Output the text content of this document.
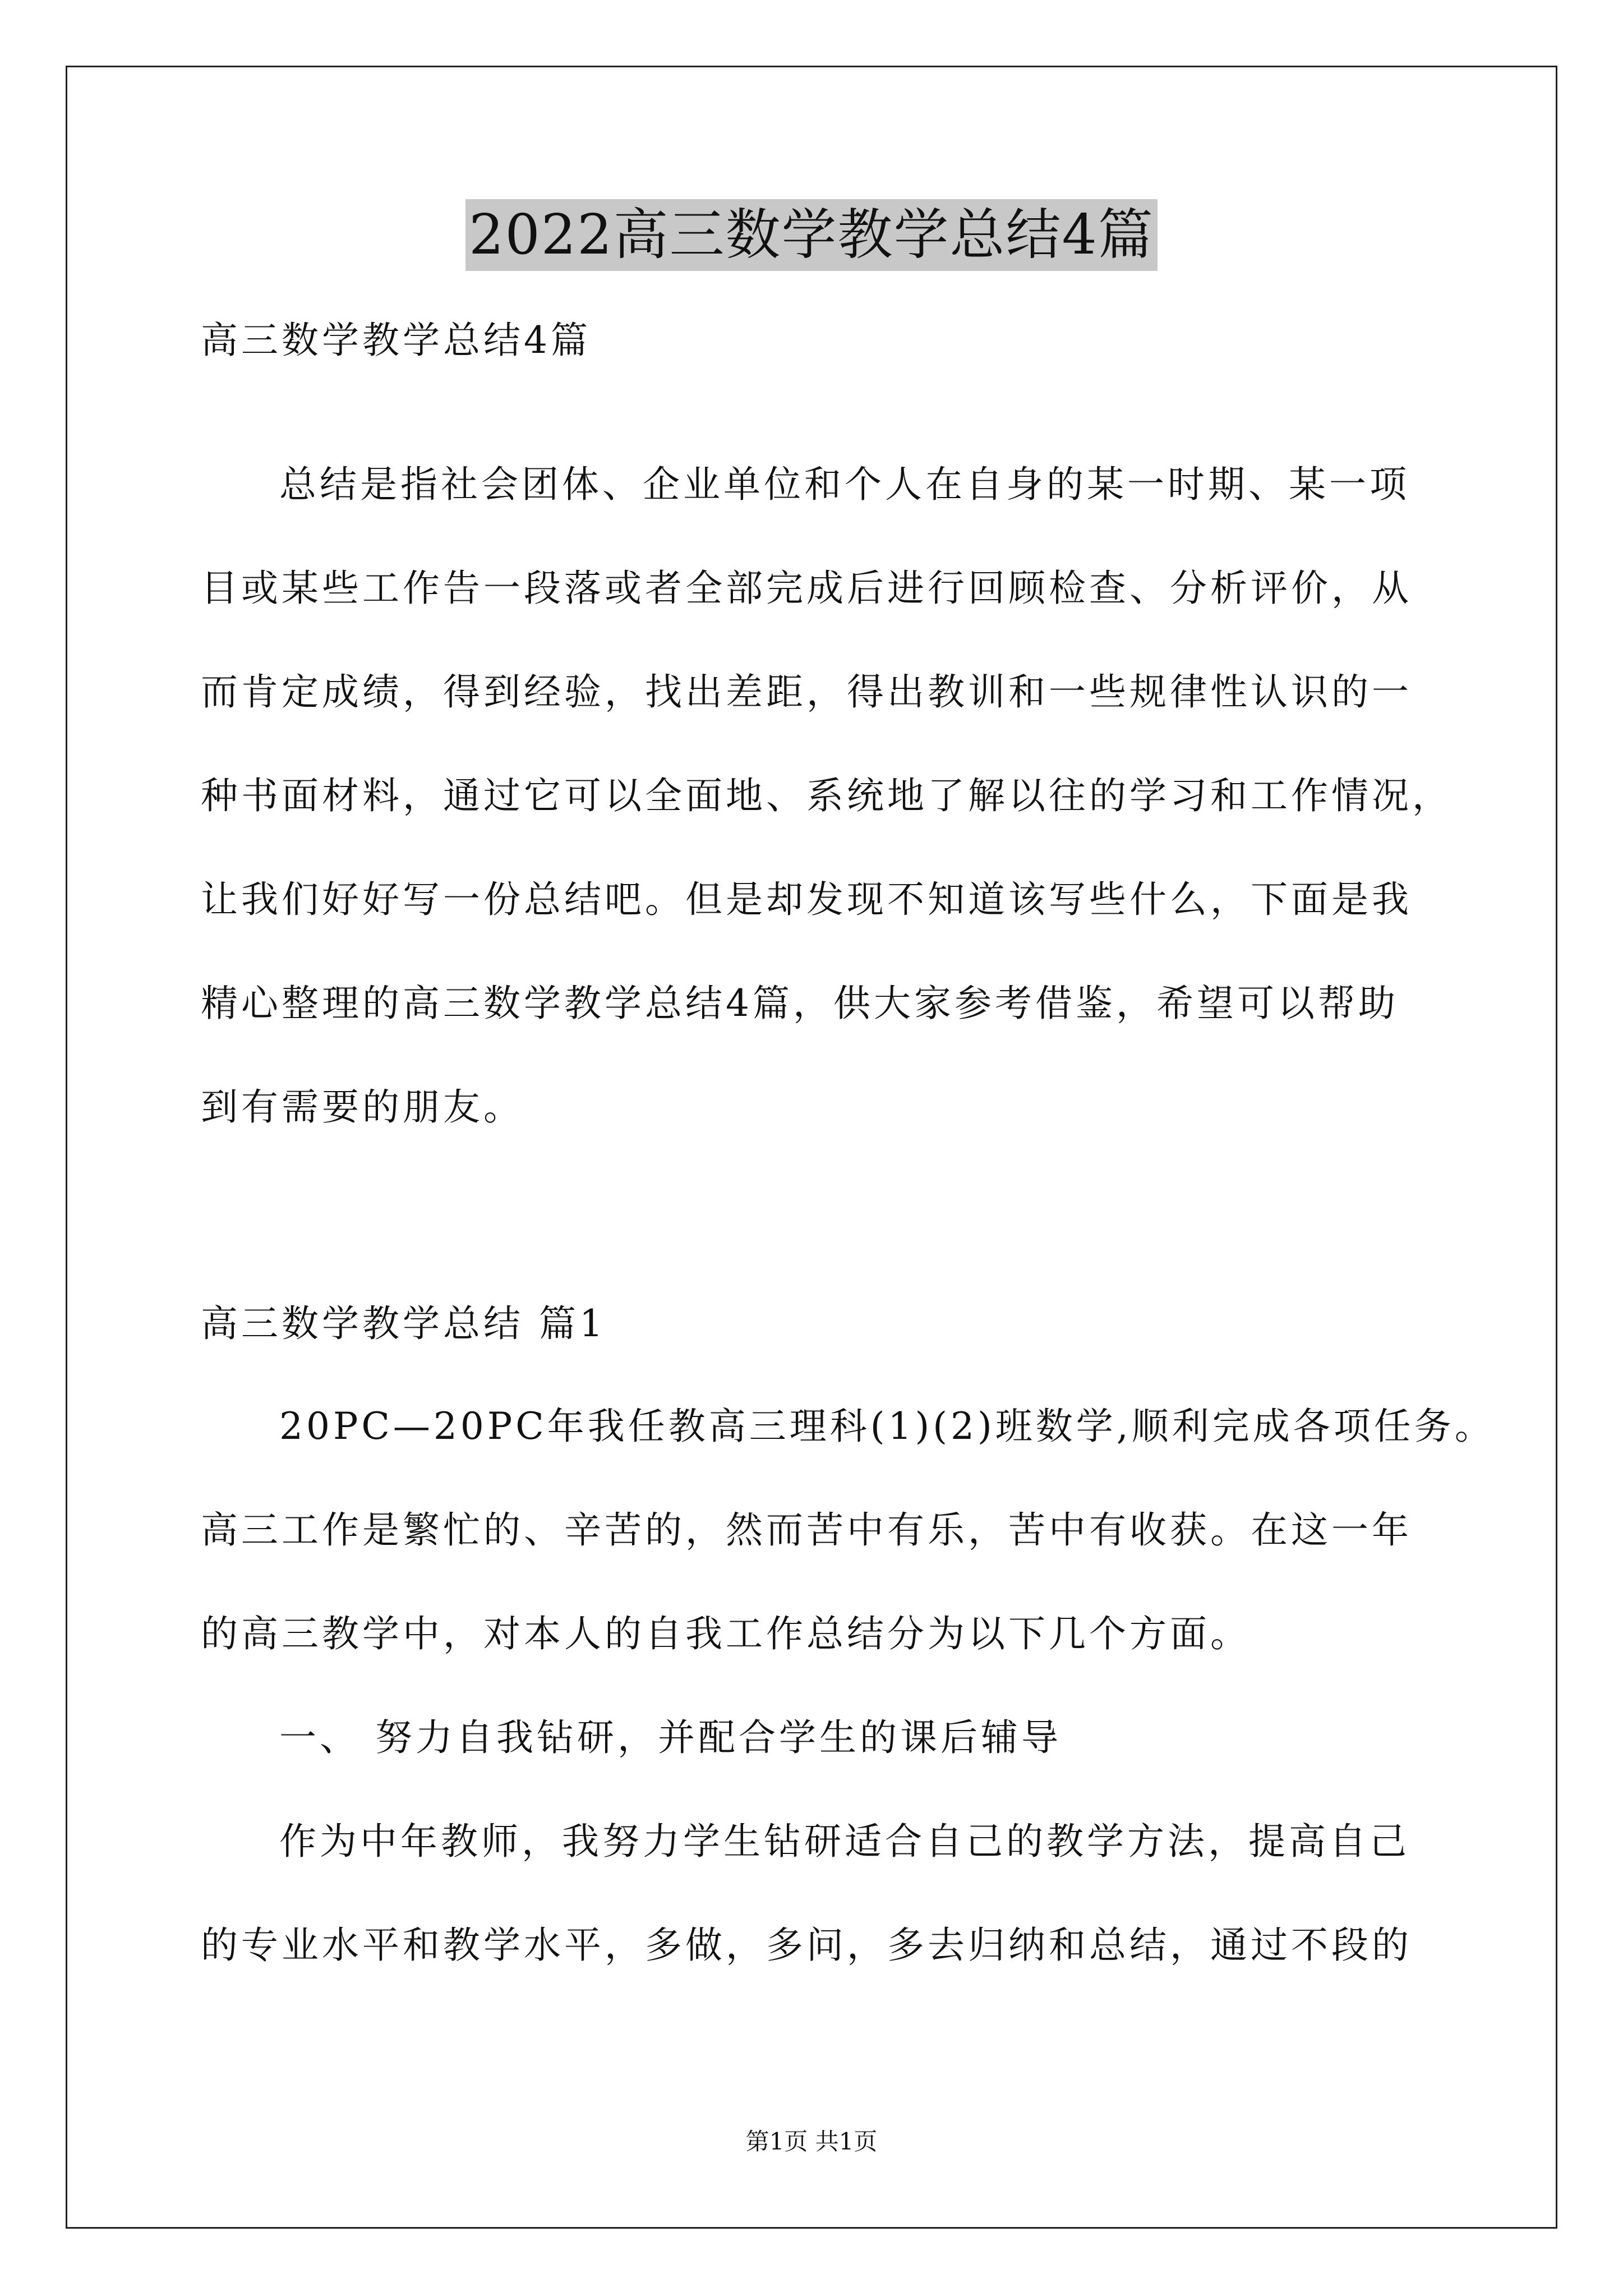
2022高三数学教学总结4篇
高三数学教学总结4篇
总结是指社会团体、企业单位和个人在自身的某一时期、某一项
目或某些工作告一段落或者全部完成后进行回顾检查、分析评价，从
而肯定成绩，得到经验，找出差距，得出教训和一些规律性认识的一
种书面材料，通过它可以全面地、系统地了解以往的学习和工作情况，
让我们好好写一份总结吧。但是却发现不知道该写些什么，下面是我
精心整理的高三数学教学总结4篇，供大家参考借鉴，希望可以帮助
到有需要的朋友。
高三数学教学总结 篇1
20PC—20PC年我任教高三理科(1)(2)班数学,顺利完成各项任务。
高三工作是繁忙的、辛苦的，然而苦中有乐，苦中有收获。在这一年
的高三教学中，对本人的自我工作总结分为以下几个方面。
一、 努力自我钻研，并配合学生的课后辅导
作为中年教师，我努力学生钻研适合自己的教学方法，提高自己
的专业水平和教学水平，多做，多问，多去归纳和总结，通过不段的
第1页 共1页
